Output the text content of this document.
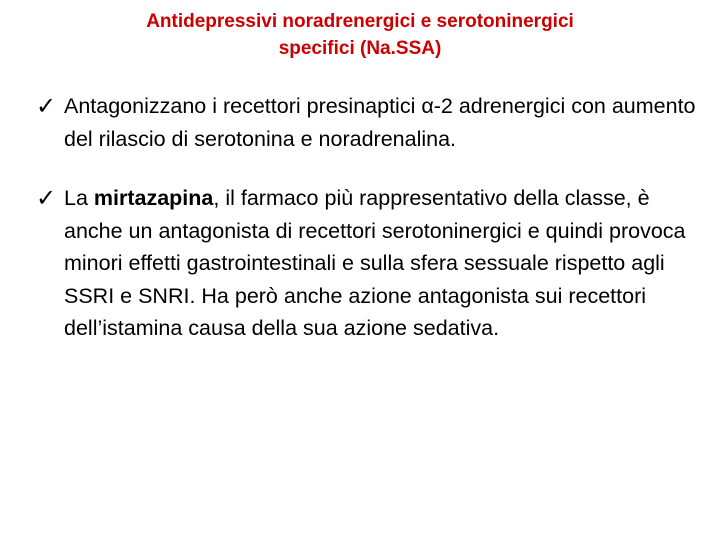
Antidepressivi noradrenergici e serotoninergici
specifici (Na.SSA)
✓ Antagonizzano i recettori presinaptici α-2 adrenergici con aumento del rilascio di serotonina e noradrenalina.
✓ La mirtazapina, il farmaco più rappresentativo della classe, è anche un antagonista di recettori serotoninergici e quindi provoca minori effetti gastrointestinali e sulla sfera sessuale rispetto agli SSRI e SNRI. Ha però anche azione antagonista sui recettori dell’istamina causa della sua azione sedativa.
